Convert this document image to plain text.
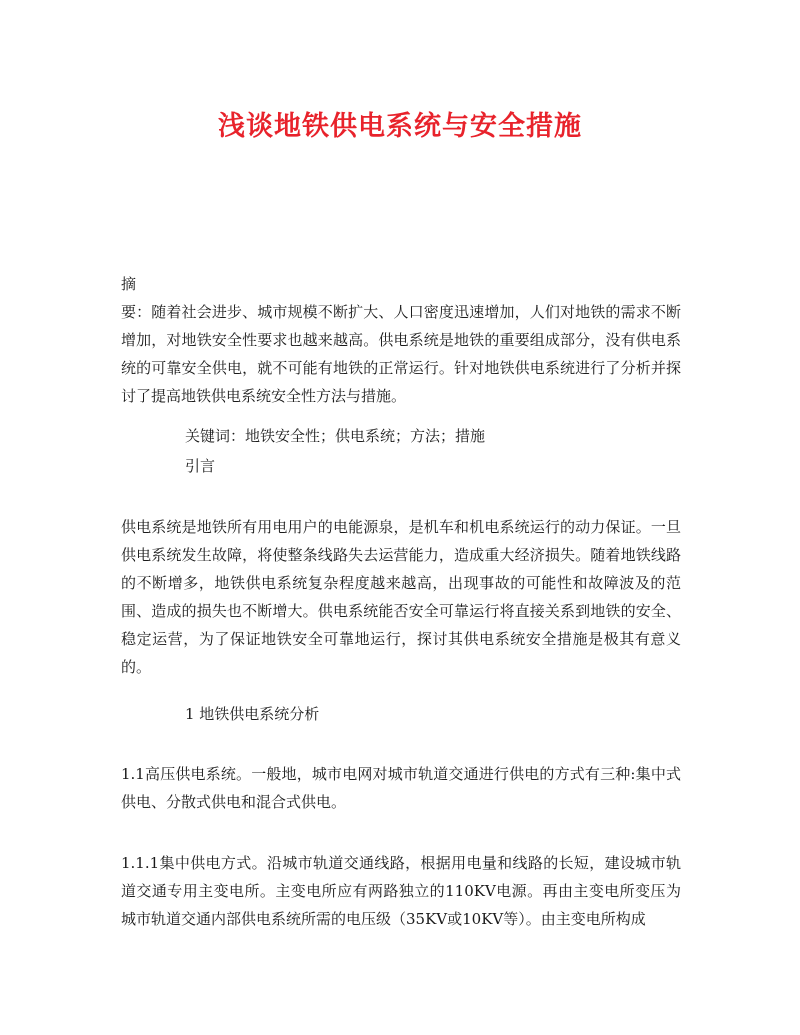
浅谈地铁供电系统与安全措施

摘

要：随着社会进步、城市规模不断扩大、人口密度迅速增加，人们对地铁的需求不断增加，对地铁安全性要求也越来越高。供电系统是地铁的重要组成部分，没有供电系统的可靠安全供电，就不可能有地铁的正常运行。针对地铁供电系统进行了分析并探讨了提高地铁供电系统安全性方法与措施。

关键词：地铁安全性；供电系统；方法；措施

引言

供电系统是地铁所有用电用户的电能源泉，是机车和机电系统运行的动力保证。一旦供电系统发生故障，将使整条线路失去运营能力，造成重大经济损失。随着地铁线路的不断增多，地铁供电系统复杂程度越来越高，出现事故的可能性和故障波及的范围、造成的损失也不断增大。供电系统能否安全可靠运行将直接关系到地铁的安全、稳定运营，为了保证地铁安全可靠地运行，探讨其供电系统安全措施是极其有意义的。

1 地铁供电系统分析

1.1高压供电系统。一般地，城市电网对城市轨道交通进行供电的方式有三种:集中式供电、分散式供电和混合式供电。

1.1.1集中供电方式。沿城市轨道交通线路，根据用电量和线路的长短，建设城市轨道交通专用主变电所。主变电所应有两路独立的110KV电源。再由主变电所变压为城市轨道交通内部供电系统所需的电压级（35KV或10KV等）。由主变电所构成
